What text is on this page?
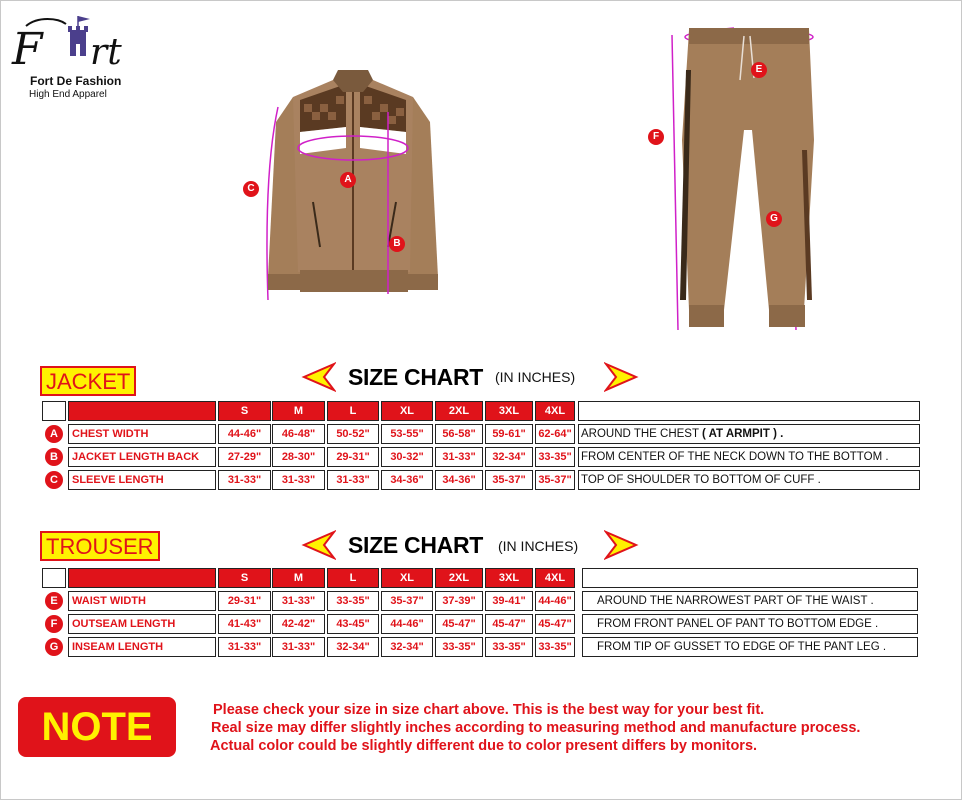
F rt
Fort De Fashion
High End Apparel
A
B
C
E
F
G
JACKET	SIZE CHART (IN INCHES)
S	M	L	XL	2XL	3XL	4XL
A	CHEST WIDTH	44-46"	46-48"	50-52"	53-55"	56-58"	59-61"	62-64" AROUND THE CHEST ( AT ARMPIT ) .
B	JACKET LENGTH BACK	27-29"	28-30"	29-31"	30-32"	31-33"	32-34"	33-35" FROM CENTER OF THE NECK DOWN TO THE BOTTOM .
C	SLEEVE LENGTH	31-33"	31-33"	31-33"	34-36"	34-36"	35-37"	35-37" TOP OF SHOULDER TO BOTTOM OF CUFF .
TROUSER	SIZE CHART (IN INCHES)
S	M	L	XL	2XL	3XL	4XL
E	WAIST WIDTH	29-31"	31-33"	33-35"	35-37"	37-39"	39-41"	44-46"	AROUND THE NARROWEST PART OF THE WAIST .
F	OUTSEAM LENGTH	41-43"	42-42"	43-45"	44-46"	45-47"	45-47"	45-47"	FROM FRONT PANEL OF PANT TO BOTTOM EDGE .
G	INSEAM LENGTH	31-33"	31-33"	32-34"	32-34"	33-35"	33-35"	33-35"	FROM TIP OF GUSSET TO EDGE OF THE PANT LEG .
NOTE	Please check your size in size chart above. This is the best way for your best fit.
Real size may differ slightly inches according to measuring method and manufacture process.
Actual color could be slightly different due to color present differs by monitors.
